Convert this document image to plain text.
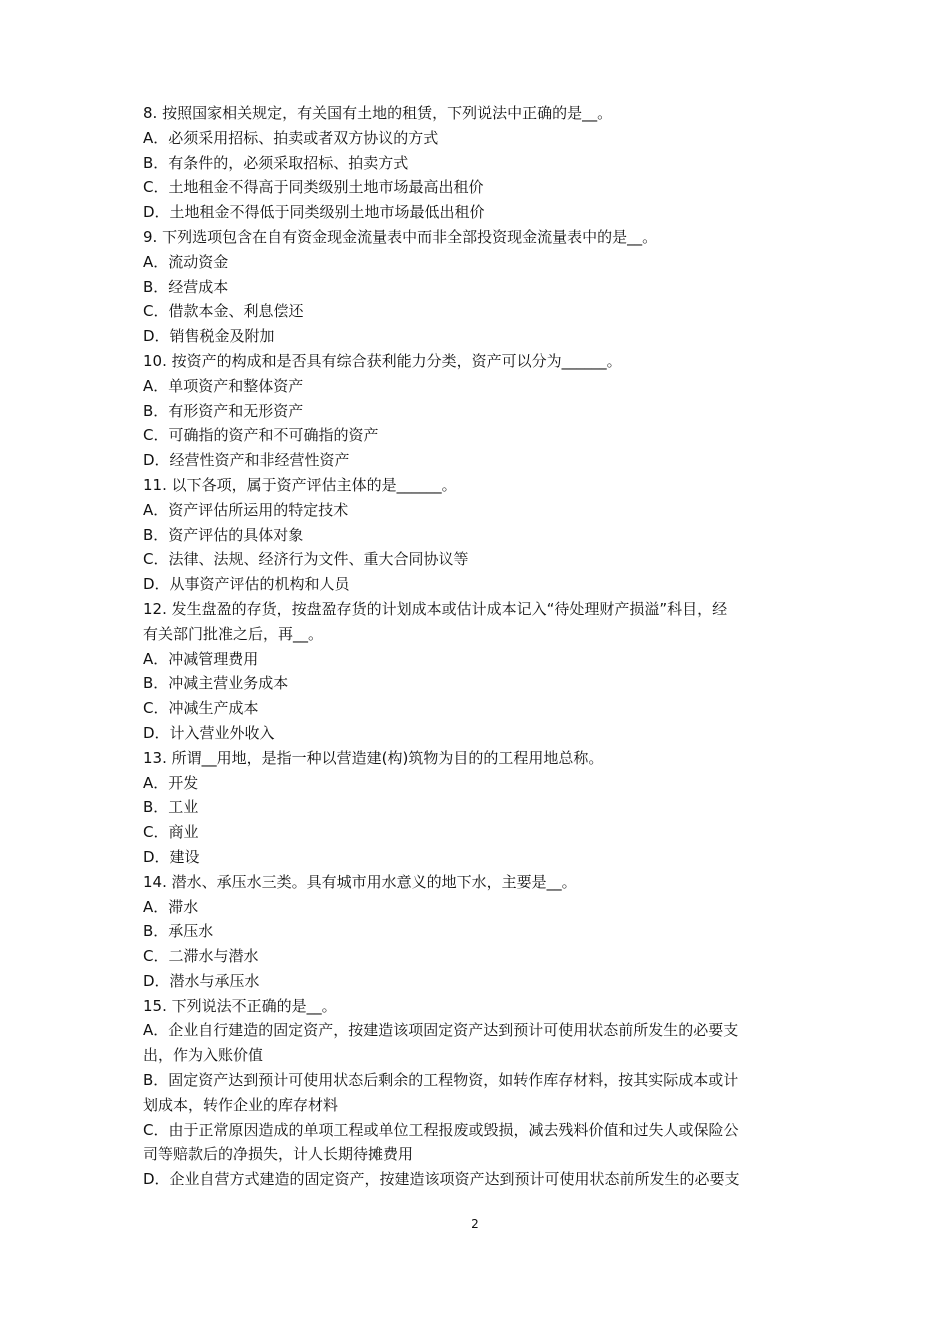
8. 按照国家相关规定，有关国有土地的租赁，下列说法中正确的是__。
A．必须采用招标、拍卖或者双方协议的方式
B．有条件的，必须采取招标、拍卖方式
C．土地租金不得高于同类级别土地市场最高出租价
D．土地租金不得低于同类级别土地市场最低出租价
9. 下列选项包含在自有资金现金流量表中而非全部投资现金流量表中的是__。
A．流动资金
B．经营成本
C．借款本金、利息偿还
D．销售税金及附加
10. 按资产的构成和是否具有综合获利能力分类，资产可以分为______。
A．单项资产和整体资产
B．有形资产和无形资产
C．可确指的资产和不可确指的资产
D．经营性资产和非经营性资产
11. 以下各项，属于资产评估主体的是______。
A．资产评估所运用的特定技术
B．资产评估的具体对象
C．法律、法规、经济行为文件、重大合同协议等
D．从事资产评估的机构和人员
12. 发生盘盈的存货，按盘盈存货的计划成本或估计成本记入“待处理财产损溢”科目，经
有关部门批准之后，再__。
A．冲减管理费用
B．冲减主营业务成本
C．冲减生产成本
D．计入营业外收入
13. 所谓__用地，是指一种以营造建(构)筑物为目的的工程用地总称。
A．开发
B．工业
C．商业
D．建设
14. 潜水、承压水三类。具有城市用水意义的地下水，主要是__。
A．滞水
B．承压水
C．二滞水与潜水
D．潜水与承压水
15. 下列说法不正确的是__。
A．企业自行建造的固定资产，按建造该项固定资产达到预计可使用状态前所发生的必要支
出，作为入账价值
B．固定资产达到预计可使用状态后剩余的工程物资，如转作库存材料，按其实际成本或计
划成本，转作企业的库存材料
C．由于正常原因造成的单项工程或单位工程报废或毁损，减去残料价值和过失人或保险公
司等赔款后的净损失，计人长期待摊费用
D．企业自营方式建造的固定资产，按建造该项资产达到预计可使用状态前所发生的必要支
2
